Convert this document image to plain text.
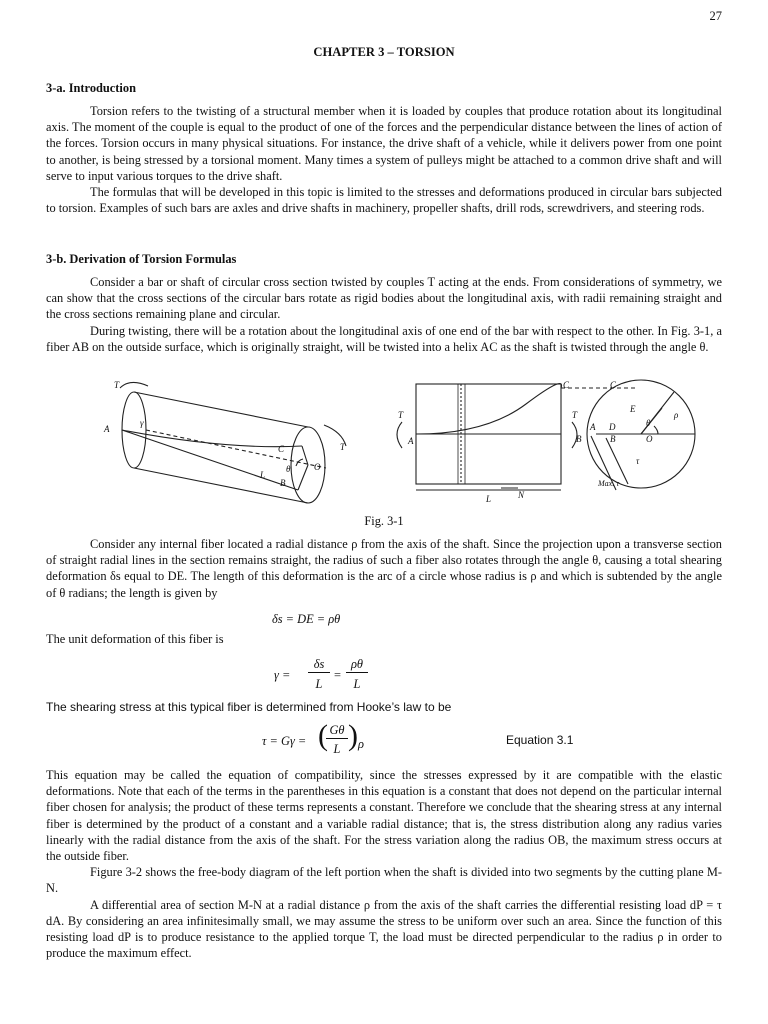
27
CHAPTER 3 – TORSION
3-a. Introduction

Torsion refers to the twisting of a structural member when it is loaded by couples that produce rotation about its longitudinal axis. The moment of the couple is equal to the product of one of the forces and the perpendicular distance between the lines of action of the forces. Torsion occurs in many physical situations. For instance, the drive shaft of a vehicle, while it delivers power from one point to another, is being stressed by a torsional moment. Many times a system of pulleys might be attached to a common drive shaft and will serve to input various torques to the drive shaft.

The formulas that will be developed in this topic is limited to the stresses and deformations produced in circular bars subjected to torsion. Examples of such bars are axles and drive shafts in machinery, propeller shafts, drill rods, screwdrivers, and steering rods.

3-b. Derivation of Torsion Formulas

Consider a bar or shaft of circular cross section twisted by couples T acting at the ends. From considerations of symmetry, we can show that the cross sections of the circular bars rotate as rigid bodies about the longitudinal axis, with radii remaining straight and the cross sections remaining plane and circular.

During twisting, there will be a rotation about the longitudinal axis of one end of the bar with respect to the other. In Fig. 3-1, a fiber AB on the outside surface, which is originally straight, will be twisted into a helix AC as the shaft is twisted through the angle θ.

T
A
γ
C	T
L
θ	O
B
T
A
C
N
L
T
B
C
A
E
D	θ
ρ
O
B
τ
Max. τ
Fig. 3-1

Consider any internal fiber located a radial distance ρ from the axis of the shaft. Since the projection upon a transverse section of straight radial lines in the section remains straight, the radius of such a fiber also rotates through the angle θ, causing a total shearing deformation δs equal to DE. The length of this deformation is the arc of a circle whose radius is ρ and which is subtended by the angle of θ radians; the length is given by

δs = DE = ρθ

The unit deformation of this fiber is

γ =
δs
L
=
ρθ
L

The shearing stress at this typical fiber is determined from Hooke’s law to be

τ = Gγ = ( Gθ
L ) ρ	Equation 3.1

This equation may be called the equation of compatibility, since the stresses expressed by it are compatible with the elastic deformations. Note that each of the terms in the parentheses in this equation is a constant that does not depend on the particular internal fiber chosen for analysis; the product of these terms represents a constant. Therefore we conclude that the shearing stress at any internal fiber is determined by the product of a constant and a variable radial distance; that is, the stress distribution along any radius varies linearly with the radial distance from the axis of the shaft. For the stress variation along the radius OB, the maximum stress occurs at the outside fiber.

Figure 3-2 shows the free-body diagram of the left portion when the shaft is divided into two segments by the cutting plane M-N.

A differential area of section M-N at a radial distance ρ from the axis of the shaft carries the differential resisting load dP = τ dA. By considering an area infinitesimally small, we may assume the stress to be uniform over such an area. Since the function of this resisting load dP is to produce resistance to the applied torque T, the load must be directed perpendicular to the radius ρ in order to produce the maximum effect.
